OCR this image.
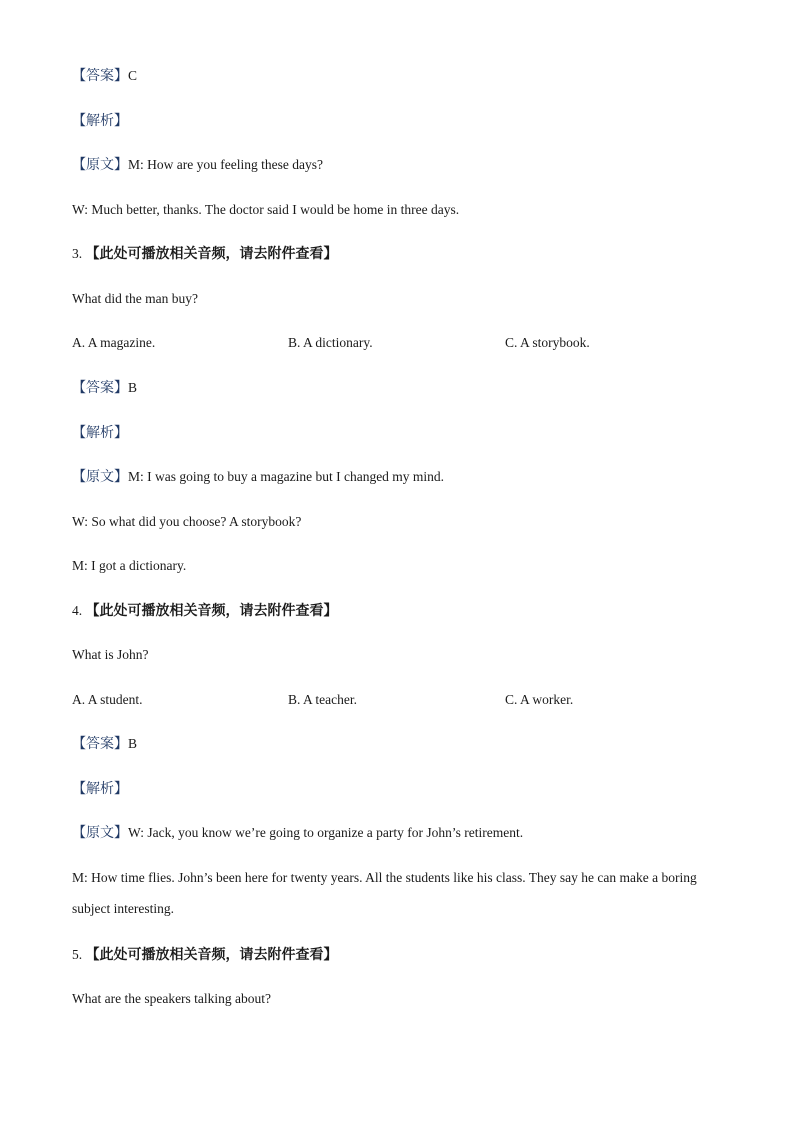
【答案】C
【解析】
【原文】M: How are you feeling these days?
W: Much better, thanks. The doctor said I would be home in three days.
3. 【此处可播放相关音频，请去附件查看】
What did the man buy?
A. A magazine.	B. A dictionary.	C. A storybook.
【答案】B
【解析】
【原文】M: I was going to buy a magazine but I changed my mind.
W: So what did you choose? A storybook?
M: I got a dictionary.
4. 【此处可播放相关音频，请去附件查看】
What is John?
A. A student.	B. A teacher.	C. A worker.
【答案】B
【解析】
【原文】W: Jack, you know we’re going to organize a party for John’s retirement.
M: How time flies. John’s been here for twenty years. All the students like his class. They say he can make a boring subject interesting.
5. 【此处可播放相关音频，请去附件查看】
What are the speakers talking about?
